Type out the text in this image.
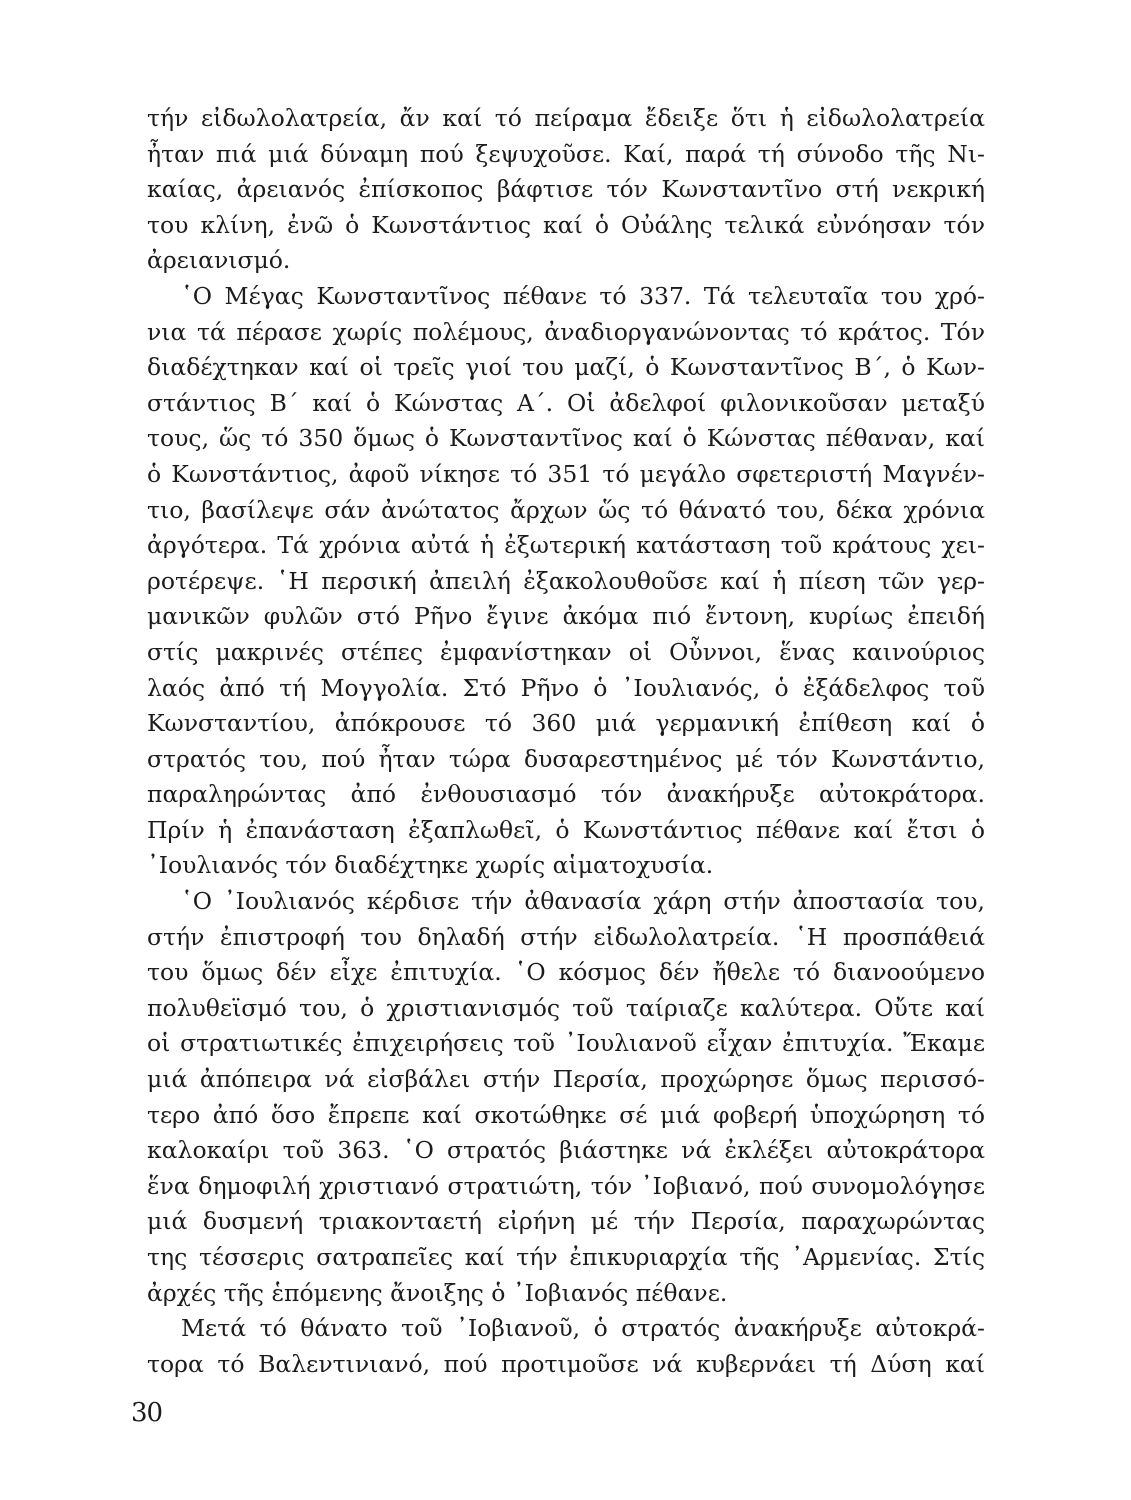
τήν εἰδωλολατρεία, ἄν καί τό πείραμα ἔδειξε ὅτι ἡ εἰδωλολατρεία
ἦταν πιά μιά δύναμη πού ξεψυχοῦσε. Καί, παρά τή σύνοδο τῆς Νι-
καίας, ἀρειανός ἐπίσκοπος βάφτισε τόν Κωνσταντῖνο στή νεκρική
του κλίνη, ἐνῶ ὁ Κωνστάντιος καί ὁ Οὐάλης τελικά εὐνόησαν τόν
ἀρειανισμό.
῾Ο Μέγας Κωνσταντῖνος πέθανε τό 337. Τά τελευταῖα του χρό-
νια τά πέρασε χωρίς πολέμους, ἀναδιοργανώνοντας τό κράτος. Τόν
διαδέχτηκαν καί οἱ τρεῖς γιοί του μαζί, ὁ Κωνσταντῖνος Β΄, ὁ Κων-
στάντιος Β΄ καί ὁ Κώνστας Α΄. Οἱ ἀδελφοί φιλονικοῦσαν μεταξύ
τους, ὥς τό 350 ὅμως ὁ Κωνσταντῖνος καί ὁ Κώνστας πέθαναν, καί
ὁ Κωνστάντιος, ἀφοῦ νίκησε τό 351 τό μεγάλο σφετεριστή Μαγνέν-
τιο, βασίλεψε σάν ἀνώτατος ἄρχων ὥς τό θάνατό του, δέκα χρόνια
ἀργότερα. Τά χρόνια αὐτά ἡ ἐξωτερική κατάσταση τοῦ κράτους χει-
ροτέρεψε. ῾Η περσική ἀπειλή ἐξακολουθοῦσε καί ἡ πίεση τῶν γερ-
μανικῶν φυλῶν στό Ρῆνο ἔγινε ἀκόμα πιό ἔντονη, κυρίως ἐπειδή
στίς μακρινές στέπες ἐμφανίστηκαν οἱ Οὖννοι, ἕνας καινούριος
λαός ἀπό τή Μογγολία. Στό Ρῆνο ὁ ᾿Ιουλιανός, ὁ ἐξάδελφος τοῦ
Κωνσταντίου, ἀπόκρουσε τό 360 μιά γερμανική ἐπίθεση καί ὁ
στρατός του, πού ἦταν τώρα δυσαρεστημένος μέ τόν Κωνστάντιο,
παραληρώντας ἀπό ἐνθουσιασμό τόν ἀνακήρυξε αὐτοκράτορα.
Πρίν ἡ ἐπανάσταση ἐξαπλωθεῖ, ὁ Κωνστάντιος πέθανε καί ἔτσι ὁ
᾿Ιουλιανός τόν διαδέχτηκε χωρίς αἱματοχυσία.
῾Ο ᾿Ιουλιανός κέρδισε τήν ἀθανασία χάρη στήν ἀποστασία του,
στήν ἐπιστροφή του δηλαδή στήν εἰδωλολατρεία. ῾Η προσπάθειά
του ὅμως δέν εἶχε ἐπιτυχία. ῾Ο κόσμος δέν ἤθελε τό διανοούμενο
πολυθεϊσμό του, ὁ χριστιανισμός τοῦ ταίριαζε καλύτερα. Οὔτε καί
οἱ στρατιωτικές ἐπιχειρήσεις τοῦ ᾿Ιουλιανοῦ εἶχαν ἐπιτυχία. Ἔκαμε
μιά ἀπόπειρα νά εἰσβάλει στήν Περσία, προχώρησε ὅμως περισσό-
τερο ἀπό ὅσο ἔπρεπε καί σκοτώθηκε σέ μιά φοβερή ὑποχώρηση τό
καλοκαίρι τοῦ 363. ῾Ο στρατός βιάστηκε νά ἐκλέξει αὐτοκράτορα
ἕνα δημοφιλή χριστιανό στρατιώτη, τόν ᾿Ιοβιανό, πού συνομολόγησε
μιά δυσμενή τριακονταετή εἰρήνη μέ τήν Περσία, παραχωρώντας
της τέσσερις σατραπεῖες καί τήν ἐπικυριαρχία τῆς ᾿Αρμενίας. Στίς
ἀρχές τῆς ἑπόμενης ἄνοιξης ὁ ᾿Ιοβιανός πέθανε.
Μετά τό θάνατο τοῦ ᾿Ιοβιανοῦ, ὁ στρατός ἀνακήρυξε αὐτοκρά-
τορα τό Βαλεντινιανό, πού προτιμοῦσε νά κυβερνάει τή Δύση καί
30
